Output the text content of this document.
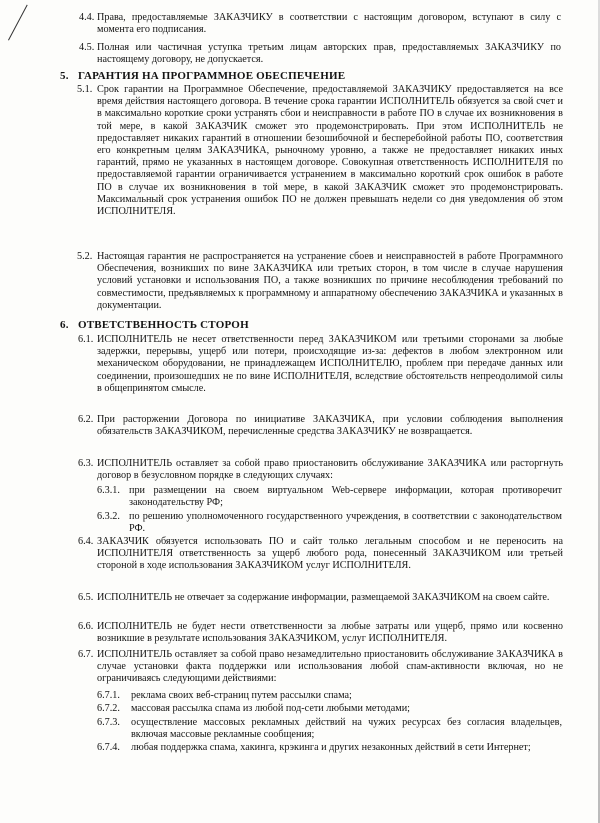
4.4. Права, предоставляемые ЗАКАЗЧИКУ в соответствии с настоящим договором, вступают в силу с момента его подписания.

4.5. Полная или частичная уступка третьим лицам авторских прав, предоставляемых ЗАКАЗЧИКУ по настоящему договору, не допускается.

5. ГАРАНТИЯ НА ПРОГРАММНОЕ ОБЕСПЕЧЕНИЕ

5.1. Срок гарантии на Программное Обеспечение, предоставляемой ЗАКАЗЧИКУ предоставляется на все время действия настоящего договора. В течение срока гарантии ИСПОЛНИТЕЛЬ обязуется за свой счет и в максимально короткие сроки устранять сбои и неисправности в работе ПО в случае их возникновения в той мере, в какой ЗАКАЗЧИК сможет это продемонстрировать. При этом ИСПОЛНИТЕЛЬ не предоставляет никаких гарантий в отношении безошибочной и бесперебойной работы ПО, соответствия его конкретным целям ЗАКАЗЧИКА, рыночному уровню, а также не предоставляет никаких иных гарантий, прямо не указанных в настоящем договоре. Совокупная ответственность ИСПОЛНИТЕЛЯ по предоставляемой гарантии ограничивается устранением в максимально короткий срок ошибок в работе ПО в случае их возникновения в той мере, в какой ЗАКАЗЧИК сможет это продемонстрировать. Максимальный срок устранения ошибок ПО не должен превышать недели со дня уведомления об этом ИСПОЛНИТЕЛЯ.

5.2. Настоящая гарантия не распространяется на устранение сбоев и неисправностей в работе Программного Обеспечения, возникших по вине ЗАКАЗЧИКА или третьих сторон, в том числе в случае нарушения условий установки и использования ПО, а также возникших по причине несоблюдения требований по совместимости, предъявляемых к программному и аппаратному обеспечению ЗАКАЗЧИКА и указанных в документации.

6. ОТВЕТСТВЕННОСТЬ СТОРОН

6.1. ИСПОЛНИТЕЛЬ не несет ответственности перед ЗАКАЗЧИКОМ или третьими сторонами за любые задержки, перерывы, ущерб или потери, происходящие из-за: дефектов в любом электронном или механическом оборудовании, не принадлежащем ИСПОЛНИТЕЛЮ, проблем при передаче данных или соединении, произошедших не по вине ИСПОЛНИТЕЛЯ, вследствие обстоятельств непреодолимой силы в общепринятом смысле.

6.2. При расторжении Договора по инициативе ЗАКАЗЧИКА, при условии соблюдения выполнения обязательств ЗАКАЗЧИКОМ, перечисленные средства ЗАКАЗЧИКУ не возвращается.

6.3. ИСПОЛНИТЕЛЬ оставляет за собой право приостановить обслуживание ЗАКАЗЧИКА или расторгнуть договор в безусловном порядке в следующих случаях:

6.3.1. при размещении на своем виртуальном Web-сервере информации, которая противоречит законодательству РФ;

6.3.2. по решению уполномоченного государственного учреждения, в соответствии с законодательством РФ.

6.4. ЗАКАЗЧИК обязуется использовать ПО и сайт только легальным способом и не переносить на ИСПОЛНИТЕЛЯ ответственность за ущерб любого рода, понесенный ЗАКАЗЧИКОМ или третьей стороной в ходе использования ЗАКАЗЧИКОМ услуг ИСПОЛНИТЕЛЯ.

6.5. ИСПОЛНИТЕЛЬ не отвечает за содержание информации, размещаемой ЗАКАЗЧИКОМ на своем сайте.

6.6. ИСПОЛНИТЕЛЬ не будет нести ответственности за любые затраты или ущерб, прямо или косвенно возникшие в результате использования ЗАКАЗЧИКОМ, услуг ИСПОЛНИТЕЛЯ.

6.7. ИСПОЛНИТЕЛЬ оставляет за собой право незамедлительно приостановить обслуживание ЗАКАЗЧИКА в случае установки факта поддержки или использования любой спам-активности включая, но не ограничиваясь следующими действиями:

6.7.1. реклама своих веб-страниц путем рассылки спама;

6.7.2. массовая рассылка спама из любой под-сети любыми методами;

6.7.3. осуществление массовых рекламных действий на чужих ресурсах без согласия владельцев, включая массовые рекламные сообщения;

6.7.4. любая поддержка спама, хакинга, крэкинга и других незаконных действий в сети Интернет;
